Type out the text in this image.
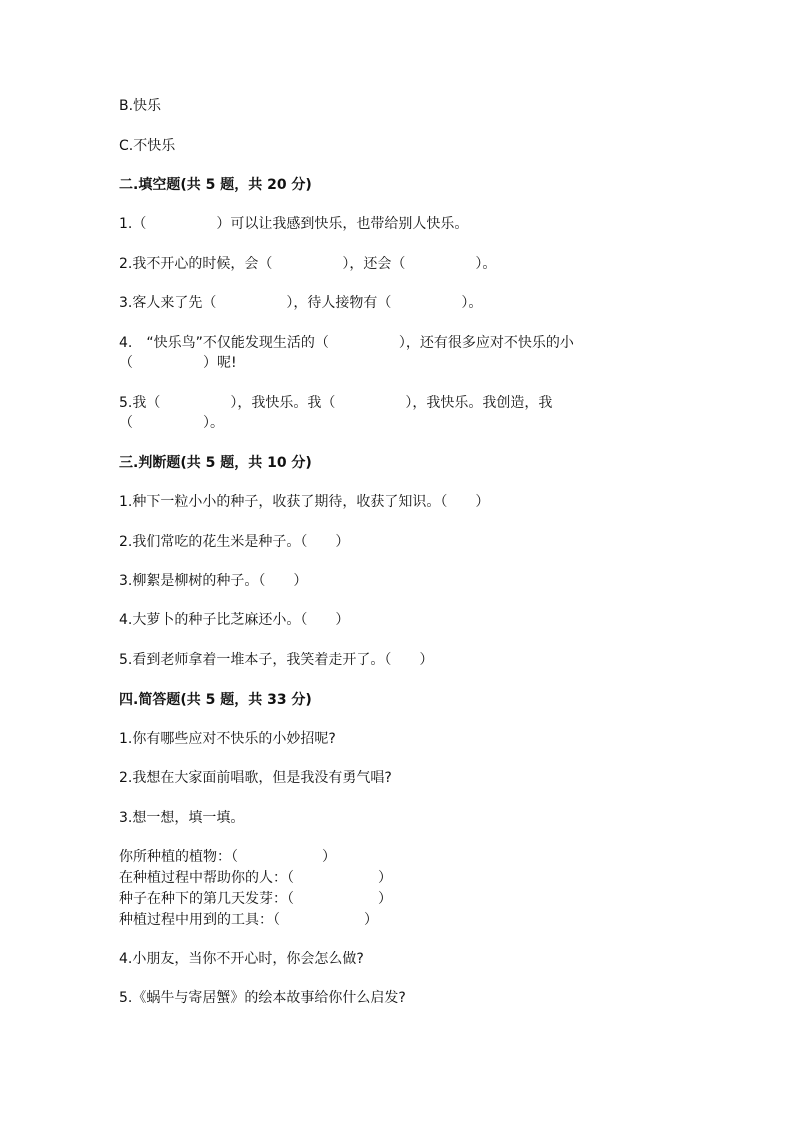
B.快乐
C.不快乐
二.填空题(共 5 题，共 20 分)
1.（　　　　　）可以让我感到快乐，也带给别人快乐。
2.我不开心的时候，会（　　　　　），还会（　　　　　）。
3.客人来了先（　　　　　），待人接物有（　　　　　）。
4.　“快乐鸟”不仅能发现生活的（　　　　　），还有很多应对不快乐的小
（　　　　　）呢!
5.我（　　　　　），我快乐。我（　　　　　），我快乐。我创造，我
（　　　　　）。
三.判断题(共 5 题，共 10 分)
1.种下一粒小小的种子，收获了期待，收获了知识。（　　）
2.我们常吃的花生米是种子。（　　）
3.柳絮是柳树的种子。（　　）
4.大萝卜的种子比芝麻还小。（　　）
5.看到老师拿着一堆本子，我笑着走开了。（　　）
四.简答题(共 5 题，共 33 分)
1.你有哪些应对不快乐的小妙招呢?
2.我想在大家面前唱歌，但是我没有勇气唱?
3.想一想，填一填。
你所种植的植物：（　　　　　　）
在种植过程中帮助你的人：（　　　　　　）
种子在种下的第几天发芽：（　　　　　　）
种植过程中用到的工具：（　　　　　　）
4.小朋友，当你不开心时，你会怎么做?
5.《蜗牛与寄居蟹》的绘本故事给你什么启发?
